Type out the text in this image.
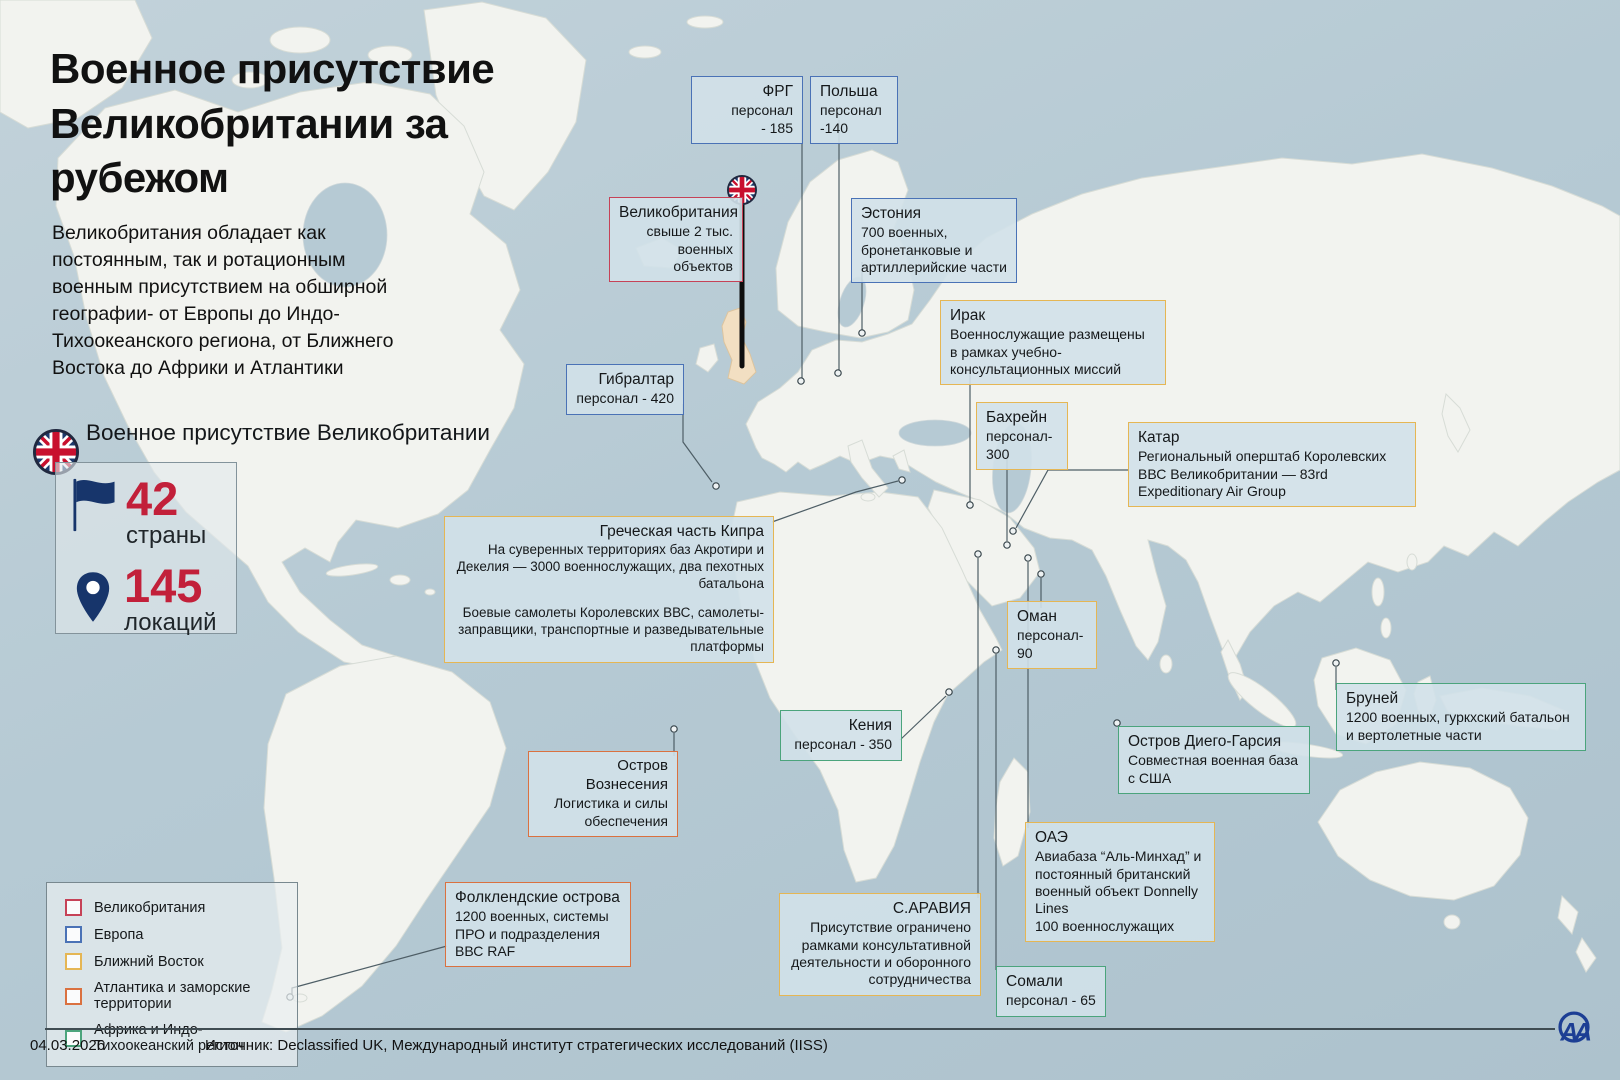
Военное присутствие Великобритании за рубежом
Великобритания обладает как постоянным, так и ротационным военным присутствием на обширной географии- от Европы до Индо-Тихоокеанского региона, от Ближнего Востока до Африки и Атлантики
Военное присутствие Великобритании
42
страны
145
локаций
ФРГ
персонал
- 185
Польша
персонал
-140
Великобритания
свыше 2 тыс.
военных объектов
Эстония
700 военных, бронетанковые и артиллерийские части
Гибралтар
персонал - 420
Ирак
Военнослужащие размещены в рамках учебно-консультационных миссий
Бахрейн
персонал-
300
Катар
Региональный оперштаб Королевских ВВС Великобритании — 83rd Expeditionary Air Group
Греческая часть Кипра
На суверенных территориях баз Акротири и Декелия — 3000 военнослужащих, два пехотных батальона
Боевые самолеты Королевских ВВС, самолеты-заправщики, транспортные и разведывательные платформы
Оман
персонал-
90
Кения
персонал - 350
Остров Вознесения
Логистика и силы обеспечения
Остров Диего-Гарсия
Совместная военная база с США
Бруней
1200 военных, гуркхский батальон и вертолетные части
ОАЭ
Авиабаза “Аль-Минхад” и постоянный британский военный объект Donnelly Lines
100 военнослужащих
С.АРАВИЯ
Присутствие ограничено рамками консультативной деятельности и оборонного сотрудничества Сомали
персонал - 65
Фолклендские острова
1200 военных, системы ПРО и подразделения ВВС RAF
Великобритания
Европа
Ближний Восток
Атлантика и заморские территории
Африка и Индо-Тихоокеанский регион
04.03.2026	Источник: Declassified UK, Международный институт стратегических исследований (IISS)	AA
